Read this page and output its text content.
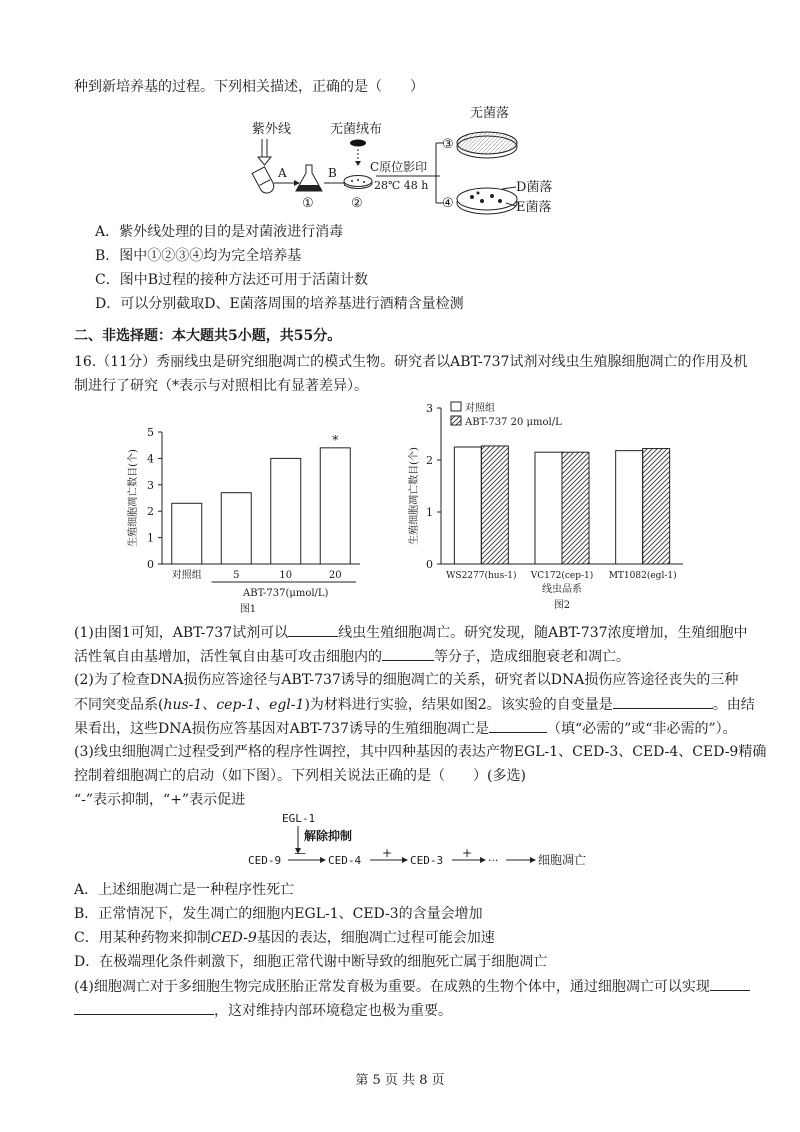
种到新培养基的过程。下列相关描述，正确的是（　　）
紫外线
A
①
B
无菌绒布
②
C原位影印
28℃ 48 h
③
④
无菌落
D菌落
E菌落
A．紫外线处理的目的是对菌液进行消毒
B．图中①②③④均为完全培养基
C．图中B过程的接种方法还可用于活菌计数
D．可以分别截取D、E菌落周围的培养基进行酒精含量检测
二、非选择题：本大题共5小题，共55分。
16.（11分）秀丽线虫是研究细胞凋亡的模式生物。研究者以ABT-737试剂对线虫生殖腺细胞凋亡的作用及机
制进行了研究（*表示与对照相比有显著差异）。
0
1
2
3
4
5
对照组	5	10	20
*
ABT-737(μmol/L)
图1
生殖细胞凋亡数目(个)
0
1
2
3	对照组
ABT-737 20 μmol/L
WS2277(hus-1) VC172(cep-1) MT1082(egl-1)
线虫品系
图2
生殖细胞凋亡数目(个)
(1)由图1可知，ABT-737试剂可以	线虫生殖细胞凋亡。研究发现，随ABT-737浓度增加，生殖细胞中
活性氧自由基增加，活性氧自由基可攻击细胞内的	等分子，造成细胞衰老和凋亡。
(2)为了检查DNA损伤应答途径与ABT-737诱导的细胞凋亡的关系，研究者以DNA损伤应答途径丧失的三种
不同突变品系(hus-1、cep-1、egl-1)为材料进行实验，结果如图2。该实验的自变量是	。由结
果看出，这些DNA损伤应答基因对ABT-737诱导的生殖细胞凋亡是	（填“必需的”或“非必需的”）。
(3)线虫细胞凋亡过程受到严格的程序性调控，其中四种基因的表达产物EGL-1、CED-3、CED-4、CED-9精确
控制着细胞凋亡的启动（如下图）。下列相关说法正确的是（　　）(多选)
“-”表示抑制，“+”表示促进
EGL-1
解除抑制
CED-9
—
CED-4
+
CED-3
+
···	细胞凋亡
A．上述细胞凋亡是一种程序性死亡
B．正常情况下，发生凋亡的细胞内EGL-1、CED-3的含量会增加
C．用某种药物来抑制CED-9基因的表达，细胞凋亡过程可能会加速
D．在极端理化条件刺激下，细胞正常代谢中断导致的细胞死亡属于细胞凋亡
(4)细胞凋亡对于多细胞生物完成胚胎正常发育极为重要。在成熟的生物个体中，通过细胞凋亡可以实现
，这对维持内部环境稳定也极为重要。
第 5 页 共 8 页
